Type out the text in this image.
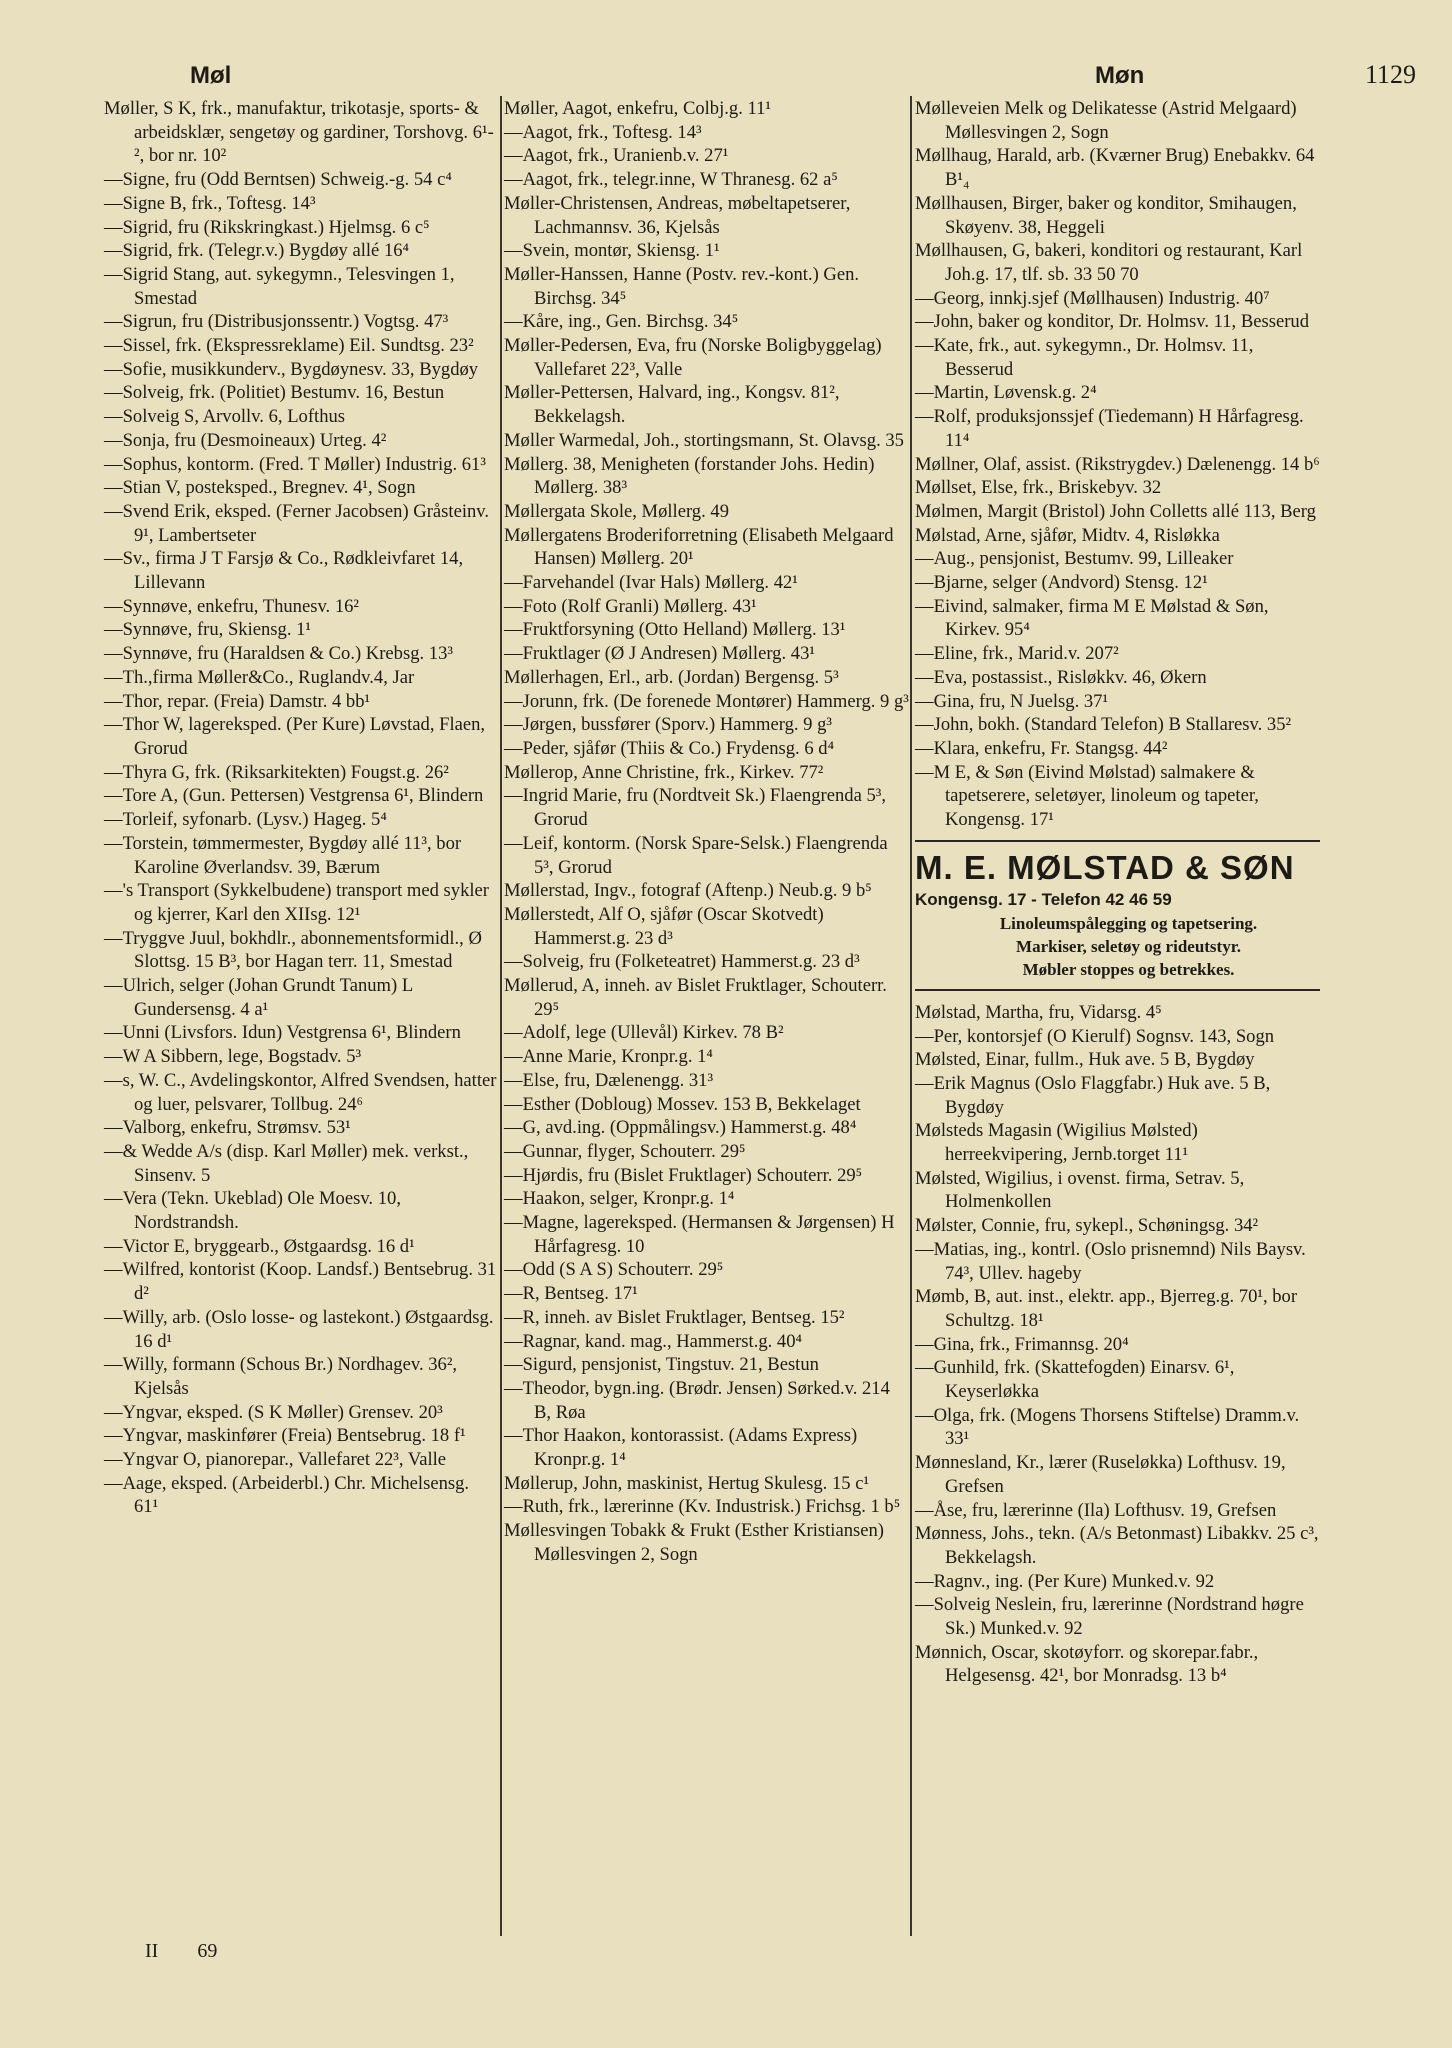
Møl	Møn	1129
Møller, S K, frk., manufaktur, trikotasje, sports- & arbeidsklær, sengetøy og gardiner, Torshovg. 6¹-², bor nr. 10²
—Signe, fru (Odd Berntsen) Schweig.-g. 54 c⁴
—Signe B, frk., Toftesg. 14³
—Sigrid, fru (Rikskringkast.) Hjelmsg. 6 c⁵
—Sigrid, frk. (Telegr.v.) Bygdøy allé 16⁴
—Sigrid Stang, aut. sykegymn., Telesvingen 1, Smestad
—Sigrun, fru (Distribusjonssentr.) Vogtsg. 47³
—Sissel, frk. (Ekspressreklame) Eil. Sundtsg. 23²
—Sofie, musikkunderv., Bygdøynesv. 33, Bygdøy
—Solveig, frk. (Politiet) Bestumv. 16, Bestun
—Solveig S, Arvollv. 6, Lofthus
—Sonja, fru (Desmoineaux) Urteg. 4²
—Sophus, kontorm. (Fred. T Møller) Industrig. 61³
—Stian V, posteksped., Bregnev. 4¹, Sogn
—Svend Erik, eksped. (Ferner Jacobsen) Gråsteinv. 9¹, Lambertseter
—Sv., firma J T Farsjø & Co., Rødkleivfaret 14, Lillevann
—Synnøve, enkefru, Thunesv. 16²
—Synnøve, fru, Skiensg. 1¹
—Synnøve, fru (Haraldsen & Co.) Krebsg. 13³
—Th.,firma Møller&Co., Ruglandv.4, Jar
—Thor, repar. (Freia) Damstr. 4 bb¹
—Thor W, lagereksped. (Per Kure) Løvstad, Flaen, Grorud
—Thyra G, frk. (Riksarkitekten) Fougst.g. 26²
—Tore A, (Gun. Pettersen) Vestgrensa 6¹, Blindern
—Torleif, syfonarb. (Lysv.) Hageg. 5⁴
—Torstein, tømmermester, Bygdøy allé 11³, bor Karoline Øverlandsv. 39, Bærum
—'s Transport (Sykkelbudene) transport med sykler og kjerrer, Karl den XIIsg. 12¹
—Tryggve Juul, bokhdlr., abonnementsformidl., Ø Slottsg. 15 B³, bor Hagan terr. 11, Smestad
—Ulrich, selger (Johan Grundt Tanum) L Gundersensg. 4 a¹
—Unni (Livsfors. Idun) Vestgrensa 6¹, Blindern
—W A Sibbern, lege, Bogstadv. 5³
—s, W. C., Avdelingskontor, Alfred Svendsen, hatter og luer, pelsvarer, Tollbug. 24⁶
—Valborg, enkefru, Strømsv. 53¹
—& Wedde A/s (disp. Karl Møller) mek. verkst., Sinsenv. 5
—Vera (Tekn. Ukeblad) Ole Moesv. 10, Nordstrandsh.
—Victor E, bryggearb., Østgaardsg. 16 d¹
—Wilfred, kontorist (Koop. Landsf.) Bentsebrug. 31 d²
—Willy, arb. (Oslo losse- og lastekont.) Østgaardsg. 16 d¹
—Willy, formann (Schous Br.) Nordhagev. 36², Kjelsås
—Yngvar, eksped. (S K Møller) Grensev. 20³
—Yngvar, maskinfører (Freia) Bentsebrug. 18 f¹
—Yngvar O, pianorepar., Vallefaret 22³, Valle
—Aage, eksped. (Arbeiderbl.) Chr. Michelsensg. 61¹
Møller, Aagot, enkefru, Colbj.g. 11¹
—Aagot, frk., Toftesg. 14³
—Aagot, frk., Uranienb.v. 27¹
—Aagot, frk., telegr.inne, W Thranesg. 62 a⁵
Møller-Christensen, Andreas, møbeltapetserer, Lachmannsv. 36, Kjelsås
—Svein, montør, Skiensg. 1¹
Møller-Hanssen, Hanne (Postv. rev.-kont.) Gen. Birchsg. 34⁵
—Kåre, ing., Gen. Birchsg. 34⁵
Møller-Pedersen, Eva, fru (Norske Boligbyggelag) Vallefaret 22³, Valle
Møller-Pettersen, Halvard, ing., Kongsv. 81², Bekkelagsh.
Møller Warmedal, Joh., stortingsmann, St. Olavsg. 35
Møllerg. 38, Menigheten (forstander Johs. Hedin) Møllerg. 38³
Møllergata Skole, Møllerg. 49
Møllergatens Broderiforretning (Elisabeth Melgaard Hansen) Møllerg. 20¹
—Farvehandel (Ivar Hals) Møllerg. 42¹
—Foto (Rolf Granli) Møllerg. 43¹
—Fruktforsyning (Otto Helland) Møllerg. 13¹
—Fruktlager (Ø J Andresen) Møllerg. 43¹
Møllerhagen, Erl., arb. (Jordan) Bergensg. 5³
—Jorunn, frk. (De forenede Montører) Hammerg. 9 g³
—Jørgen, bussfører (Sporv.) Hammerg. 9 g³
—Peder, sjåfør (Thiis & Co.) Frydensg. 6 d⁴
Møllerop, Anne Christine, frk., Kirkev. 77²
—Ingrid Marie, fru (Nordtveit Sk.) Flaengrenda 5³, Grorud
—Leif, kontorm. (Norsk Spare-Selsk.) Flaengrenda 5³, Grorud
Møllerstad, Ingv., fotograf (Aftenp.) Neub.g. 9 b⁵
Møllerstedt, Alf O, sjåfør (Oscar Skotvedt) Hammerst.g. 23 d³
—Solveig, fru (Folketeatret) Hammerst.g. 23 d³
Møllerud, A, inneh. av Bislet Fruktlager, Schouterr. 29⁵
—Adolf, lege (Ullevål) Kirkev. 78 B²
—Anne Marie, Kronpr.g. 1⁴
—Else, fru, Dælenengg. 31³
—Esther (Dobloug) Mossev. 153 B, Bekkelaget
—G, avd.ing. (Oppmålingsv.) Hammerst.g. 48⁴
—Gunnar, flyger, Schouterr. 29⁵
—Hjørdis, fru (Bislet Fruktlager) Schouterr. 29⁵
—Haakon, selger, Kronpr.g. 1⁴
—Magne, lagereksped. (Hermansen & Jørgensen) H Hårfagresg. 10
—Odd (S A S) Schouterr. 29⁵
—R, Bentseg. 17¹
—R, inneh. av Bislet Fruktlager, Bentseg. 15²
—Ragnar, kand. mag., Hammerst.g. 40⁴
—Sigurd, pensjonist, Tingstuv. 21, Bestun
—Theodor, bygn.ing. (Brødr. Jensen) Sørked.v. 214 B, Røa
—Thor Haakon, kontorassist. (Adams Express) Kronpr.g. 1⁴
Møllerup, John, maskinist, Hertug Skulesg. 15 c¹
—Ruth, frk., lærerinne (Kv. Industrisk.) Frichsg. 1 b⁵
Møllesvingen Tobakk & Frukt (Esther Kristiansen) Møllesvingen 2, Sogn
Mølleveien Melk og Delikatesse (Astrid Melgaard) Møllesvingen 2, Sogn
Møllhaug, Harald, arb. (Kværner Brug) Enebakkv. 64 B¹₄
Møllhausen, Birger, baker og konditor, Smihaugen, Skøyenv. 38, Heggeli
Møllhausen, G, bakeri, konditori og restaurant, Karl Joh.g. 17, tlf. sb. 33 50 70
—Georg, innkj.sjef (Møllhausen) Industrig. 40⁷
—John, baker og konditor, Dr. Holmsv. 11, Besserud
—Kate, frk., aut. sykegymn., Dr. Holmsv. 11, Besserud
—Martin, Løvensk.g. 2⁴
—Rolf, produksjonssjef (Tiedemann) H Hårfagresg. 11⁴
Møllner, Olaf, assist. (Rikstrygdev.) Dælenengg. 14 b⁶
Møllset, Else, frk., Briskebyv. 32
Mølmen, Margit (Bristol) John Colletts allé 113, Berg
Mølstad, Arne, sjåfør, Midtv. 4, Risløkka
—Aug., pensjonist, Bestumv. 99, Lilleaker
—Bjarne, selger (Andvord) Stensg. 12¹
—Eivind, salmaker, firma M E Mølstad & Søn, Kirkev. 95⁴
—Eline, frk., Marid.v. 207²
—Eva, postassist., Risløkkv. 46, Økern
—Gina, fru, N Juelsg. 37¹
—John, bokh. (Standard Telefon) B Stallaresv. 35²
—Klara, enkefru, Fr. Stangsg. 44²
—M E, & Søn (Eivind Mølstad) salmakere & tapetserere, seletøyer, linoleum og tapeter, Kongensg. 17¹
M. E. MØLSTAD & SØN
Kongensg. 17 - Telefon 42 46 59
Linoleumspålegging og tapetsering.
Markiser, seletøy og rideutstyr.
Møbler stoppes og betrekkes.
Mølstad, Martha, fru, Vidarsg. 4⁵
—Per, kontorsjef (O Kierulf) Sognsv. 143, Sogn
Mølsted, Einar, fullm., Huk ave. 5 B, Bygdøy
—Erik Magnus (Oslo Flaggfabr.) Huk ave. 5 B, Bygdøy
Mølsteds Magasin (Wigilius Mølsted) herreekvipering, Jernb.torget 11¹
Mølsted, Wigilius, i ovenst. firma, Setrav. 5, Holmenkollen
Mølster, Connie, fru, sykepl., Schøningsg. 34²
—Matias, ing., kontrl. (Oslo prisnemnd) Nils Baysv. 74³, Ullev. hageby
Mømb, B, aut. inst., elektr. app., Bjerreg.g. 70¹, bor Schultzg. 18¹
—Gina, frk., Frimannsg. 20⁴
—Gunhild, frk. (Skattefogden) Einarsv. 6¹, Keyserløkka
—Olga, frk. (Mogens Thorsens Stiftelse) Dramm.v. 33¹
Mønnesland, Kr., lærer (Ruseløkka) Lofthusv. 19, Grefsen
—Åse, fru, lærerinne (Ila) Lofthusv. 19, Grefsen
Mønness, Johs., tekn. (A/s Betonmast) Libakkv. 25 c³, Bekkelagsh.
—Ragnv., ing. (Per Kure) Munked.v. 92
—Solveig Neslein, fru, lærerinne (Nordstrand høgre Sk.) Munked.v. 92
Mønnich, Oscar, skotøyforr. og skorepar.fabr., Helgesensg. 42¹, bor Monradsg. 13 b⁴
II 69
